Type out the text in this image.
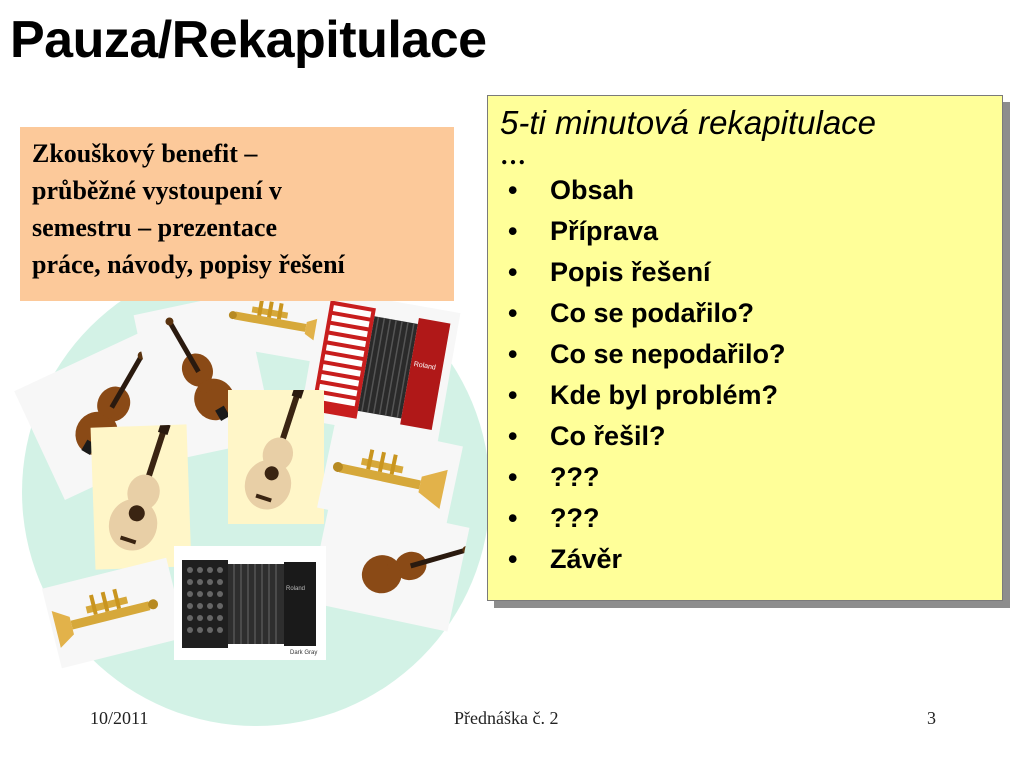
Pauza/Rekapitulace
Roland
Roland
Dark Gray
Zkouškový benefit –
průběžné vystoupení v
semestru – prezentace
práce, návody, popisy řešení
5-ti minutová rekapitulace
…
• Obsah
• Příprava
• Popis řešení
• Co se podařilo?
• Co se nepodařilo?
• Kde byl problém?
• Co řešil?
• ???
• ???
• Závěr
10/2011	Přednáška č. 2	3
